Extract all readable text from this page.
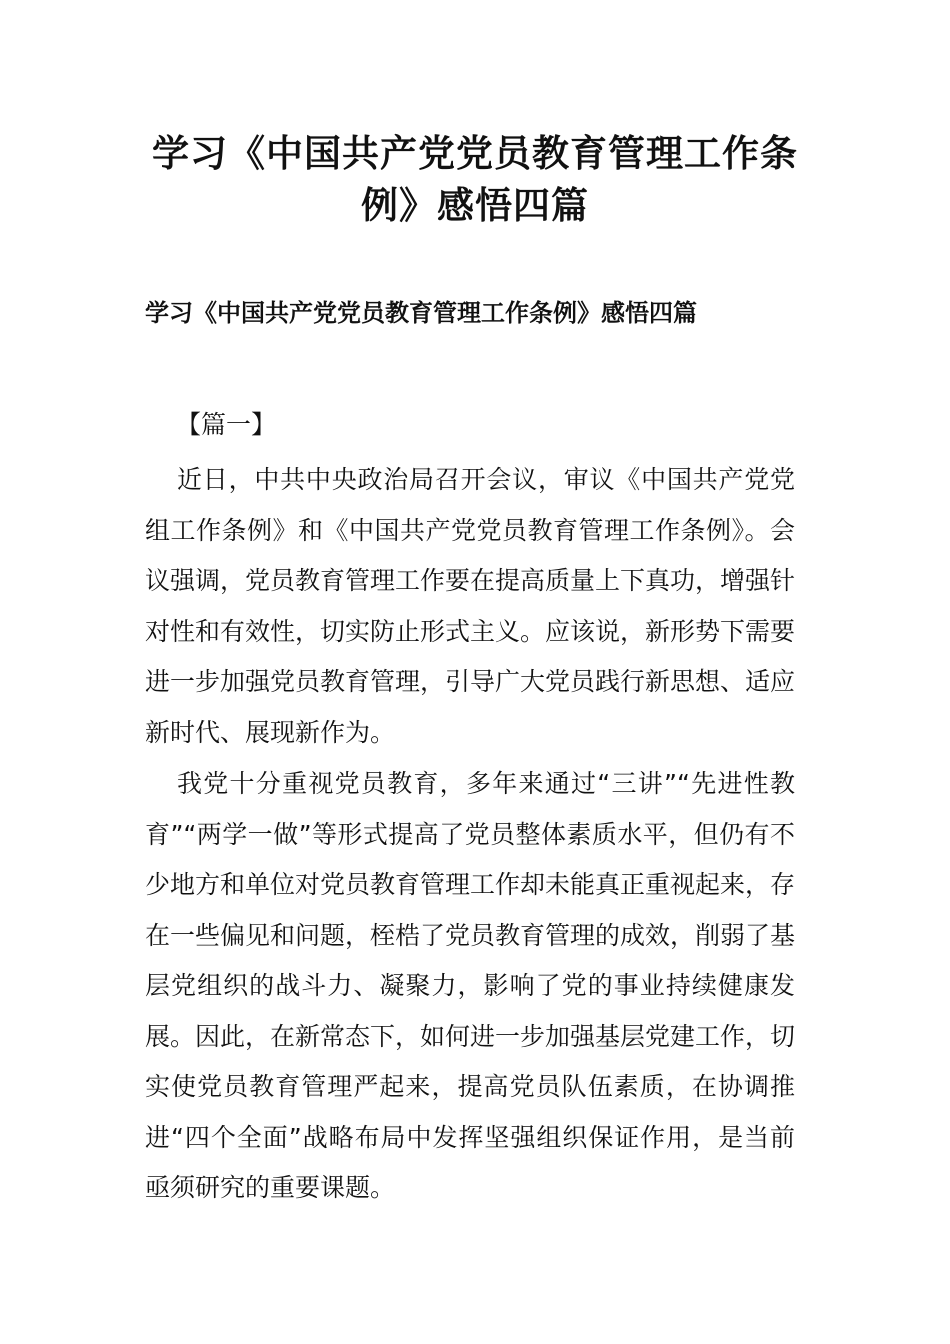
学习《中国共产党党员教育管理工作条例》感悟四篇
学习《中国共产党党员教育管理工作条例》感悟四篇

【篇一】

近日，中共中央政治局召开会议，审议《中国共产党党组工作条例》和《中国共产党党员教育管理工作条例》。会议强调，党员教育管理工作要在提高质量上下真功，增强针对性和有效性，切实防止形式主义。应该说，新形势下需要进一步加强党员教育管理，引导广大党员践行新思想、适应新时代、展现新作为。

我党十分重视党员教育，多年来通过“三讲”“先进性教育”“两学一做”等形式提高了党员整体素质水平，但仍有不少地方和单位对党员教育管理工作却未能真正重视起来，存在一些偏见和问题，桎梏了党员教育管理的成效，削弱了基层党组织的战斗力、凝聚力，影响了党的事业持续健康发展。因此，在新常态下，如何进一步加强基层党建工作，切实使党员教育管理严起来，提高党员队伍素质，在协调推进“四个全面”战略布局中发挥坚强组织保证作用，是当前亟须研究的重要课题。
